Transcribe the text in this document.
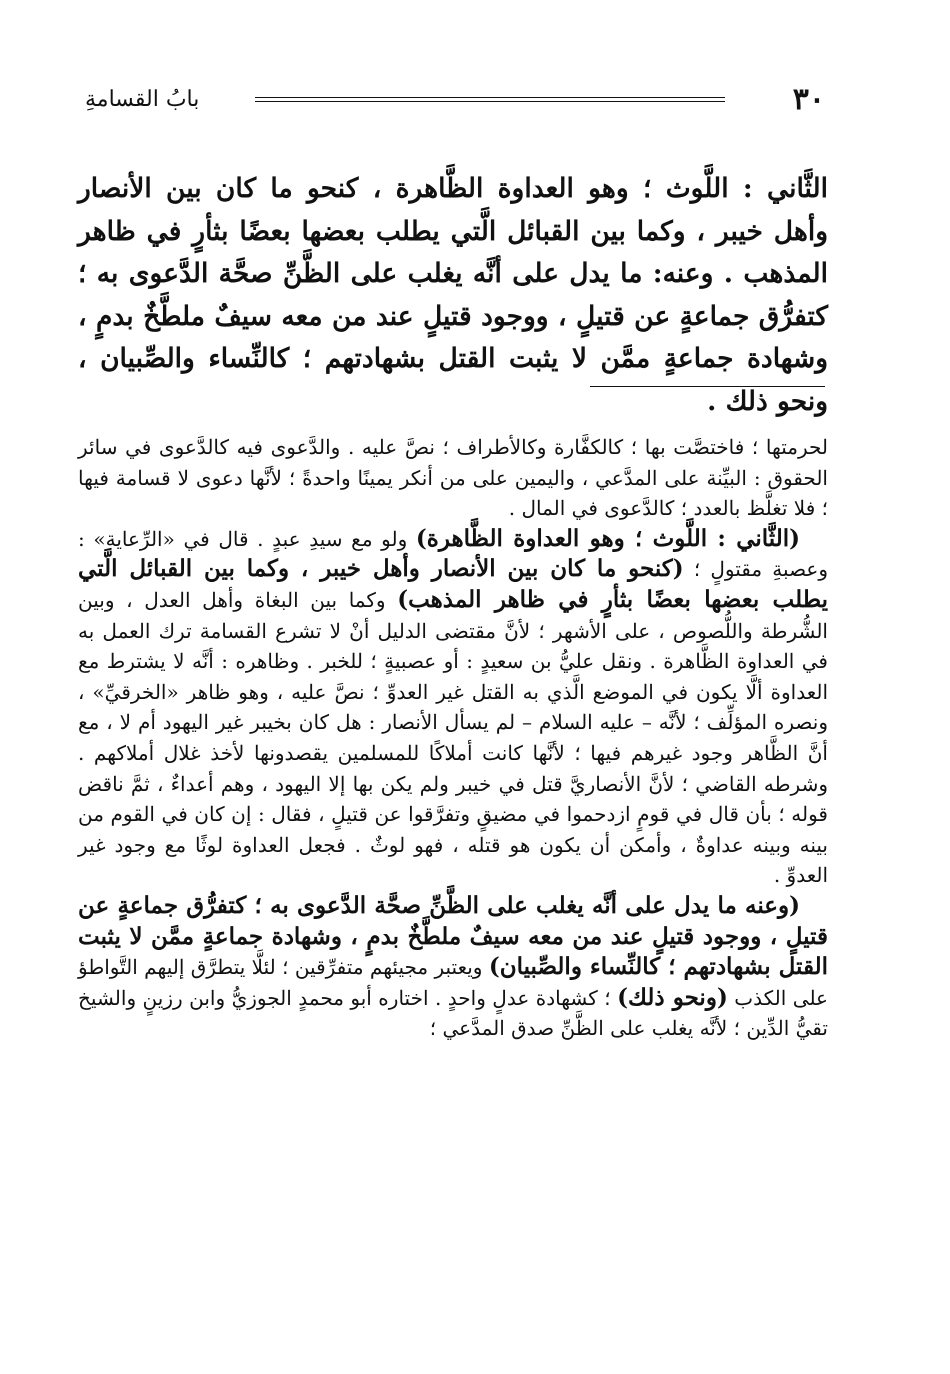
٣٠
بابُ القسامةِ

الثَّاني : اللَّوث ؛ وهو العداوة الظَّاهرة ، كنحو ما كان بين الأنصار وأهل خيبر ، وكما بين القبائل الَّتي يطلب بعضها بعضًا بثأرٍ في ظاهر المذهب . وعنه: ما يدل على أنَّه يغلب على الظَّنِّ صحَّة الدَّعوى به ؛ كتفرُّق جماعةٍ عن قتيلٍ ، ووجود قتيلٍ عند من معه سيفٌ ملطَّخٌ بدمٍ ، وشهادة جماعةٍ ممَّن لا يثبت القتل بشهادتهم ؛ كالنِّساء والصِّبيان ، ونحو ذلك .

لحرمتها ؛ فاختصَّت بها ؛ كالكفَّارة وكالأطراف ؛ نصَّ عليه . والدَّعوى فيه كالدَّعوى في سائر الحقوق : البيِّنة على المدَّعي ، واليمين على من أنكر يمينًا واحدةً ؛ لأنَّها دعوى لا قسامة فيها ؛ فلا تغلَّظ بالعدد ؛ كالدَّعوى في المال .

(الثَّاني : اللَّوث ؛ وهو العداوة الظَّاهرة) ولو مع سيدِ عبدٍ . قال في «الرِّعاية» : وعصبةِ مقتولٍ ؛ (كنحو ما كان بين الأنصار وأهل خيبر ، وكما بين القبائل الَّتي يطلب بعضها بعضًا بثأرٍ في ظاهر المذهب) وكما بين البغاة وأهل العدل ، وبين الشُّرطة واللُّصوص ، على الأشهر ؛ لأنَّ مقتضى الدليل أنْ لا تشرع القسامة ترك العمل به في العداوة الظَّاهرة . ونقل عليُّ بن سعيدٍ : أو عصبيةٍ ؛ للخبر . وظاهره : أنَّه لا يشترط مع العداوة ألَّا يكون في الموضع الَّذي به القتل غير العدوِّ ؛ نصَّ عليه ، وهو ظاهر «الخرقيِّ» ، ونصره المؤلِّف ؛ لأنَّه – عليه السلام – لم يسأل الأنصار : هل كان بخيبر غير اليهود أم لا ، مع أنَّ الظَّاهر وجود غيرهم فيها ؛ لأنَّها كانت أملاكًا للمسلمين يقصدونها لأخذ غلال أملاكهم . وشرطه القاضي ؛ لأنَّ الأنصاريَّ قتل في خيبر ولم يكن بها إلا اليهود ، وهم أعداءٌ ، ثمَّ ناقض قوله ؛ بأن قال في قومٍ ازدحموا في مضيقٍ وتفرَّقوا عن قتيلٍ ، فقال : إن كان في القوم من بينه وبينه عداوةٌ ، وأمكن أن يكون هو قتله ، فهو لوثٌ . فجعل العداوة لوثًا مع وجود غير العدوِّ .

(وعنه ما يدل على أنَّه يغلب على الظَّنِّ صحَّة الدَّعوى به ؛ كتفرُّق جماعةٍ عن قتيلٍ ، ووجود قتيلٍ عند من معه سيفٌ ملطَّخٌ بدمٍ ، وشهادة جماعةٍ ممَّن لا يثبت القتل بشهادتهم ؛ كالنِّساء والصِّبيان) ويعتبر مجيئهم متفرِّقين ؛ لئلَّا يتطرَّق إليهم التَّواطؤ على الكذب (ونحو ذلك) ؛ كشهادة عدلٍ واحدٍ . اختاره أبو محمدٍ الجوزيُّ وابن رزينٍ والشيخ تقيُّ الدِّين ؛ لأنَّه يغلب على الظَّنِّ صدق المدَّعي ؛
